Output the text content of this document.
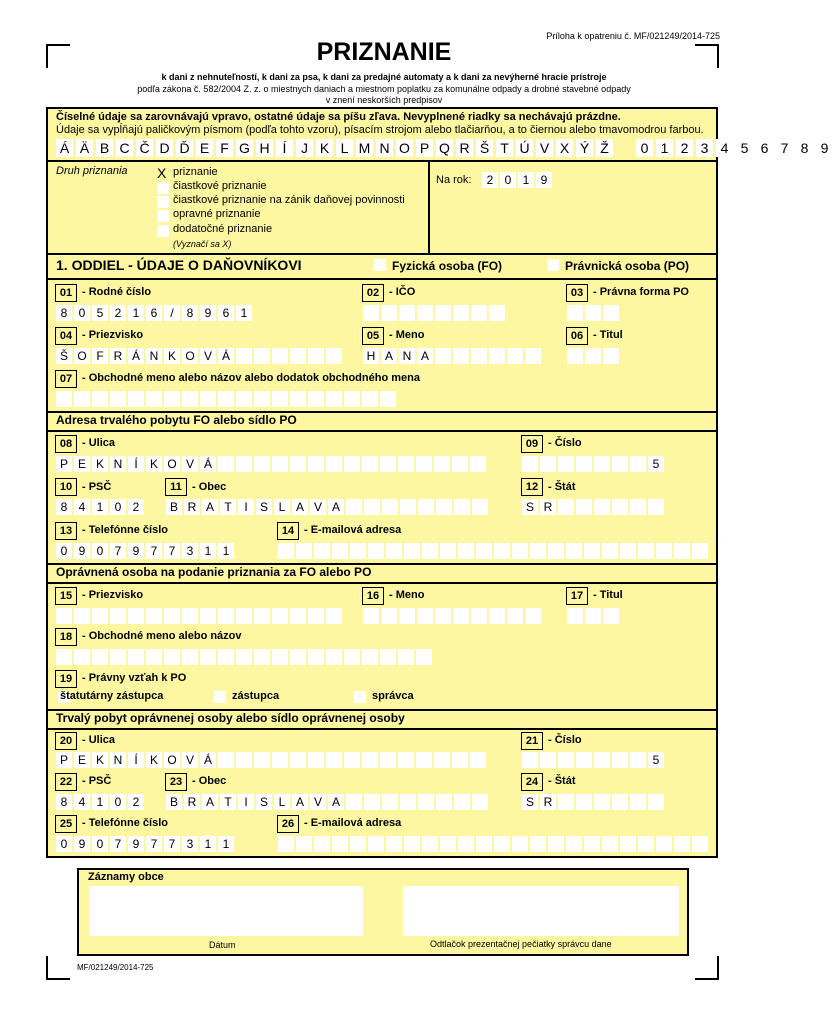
Príloha k opatreniu č. MF/021249/2014-725
PRIZNANIE
k dani z nehnuteľností, k dani za psa, k dani za predajné automaty a k dani za nevýherné hracie prístroje
podľa zákona č. 582/2004 Z. z. o miestnych daniach a miestnom poplatku za komunálne odpady a drobné stavebné odpady
v znení neskorších predpisov
Číselné údaje sa zarovnávajú vpravo, ostatné údaje sa píšu zľava. Nevyplnené riadky sa nechávajú prázdne.
Údaje sa vypĺňajú paličkovým písmom (podľa tohto vzoru), písacím strojom alebo tlačiarňou, a to čiernou alebo tmavomodrou farbou.
Á Ä B C Č D Ď E F G H Í	J K L M N O P Q R Š T Ú V X Ý Ž	0 1 2 3 4 5 6 7 8 9
Druh priznania X priznanie
čiastkové priznanie
čiastkové priznanie na zánik daňovej povinnosti
opravné priznanie
dodatočné priznanie
(Vyznačí sa X)
Na rok:	2 0 1 9
1. ODDIEL - ÚDAJE O DAŇOVNÍKOVI	Fyzická osoba (FO)	Právnická osoba (PO)
01 - Rodné číslo
8 0 5 2 1 6	/	8 9 6 1
02 - IČO	03 - Právna forma PO
04 - Priezvisko
Š O F R Á N K O V Á
05 - Meno
H A N A
06 - Titul
07 - Obchodné meno alebo názov alebo dodatok obchodného mena
Adresa trvalého pobytu FO alebo sídlo PO
08 - Ulica
P E K N	Í	K O V Á
09 - Číslo
5
10 - PSČ
8 4 1 0 2
11 - Obec
B R A T	I	S L A V A
12 - Štát
S R
13 - Telefónne číslo
0 9 0 7 9 7 7 3 1 1
14 - E-mailová adresa
Oprávnená osoba na podanie priznania za FO alebo PO
15 - Priezvisko	16 - Meno	17 - Titul
18 - Obchodné meno alebo názov
19 - Právny vzťah k PO
štatutárny zástupca	zástupca	správca
Trvalý pobyt oprávnenej osoby alebo sídlo oprávnenej osoby
20 - Ulica
P E K N	Í	K O V Á
21 - Číslo
5
22 - PSČ
8 4 1 0 2
23 - Obec
B R A T	I	S L A V A
24 - Štát
S R
25 - Telefónne číslo
0 9 0 7 9 7 7 3 1 1
26 - E-mailová adresa
Záznamy obce
Dátum	Odtlačok prezentačnej pečiatky správcu dane
MF/021249/2014-725
